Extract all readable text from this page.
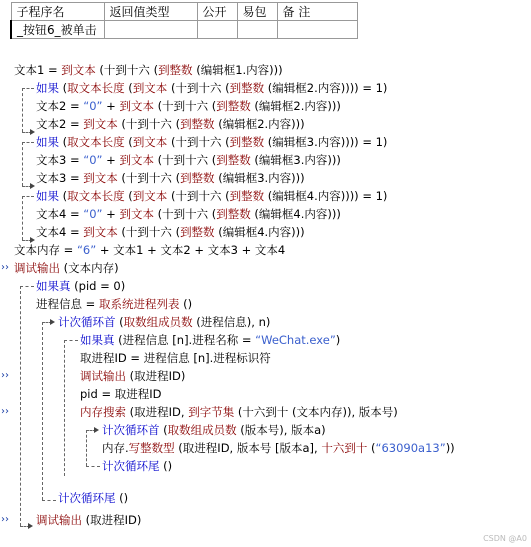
子程序名	返回值类型	公开	易包	备 注
_按钮6_被单击				
文本1 = 到文本 (十到十六 (到整数 (编辑框1.内容)))
如果 (取文本长度 (到文本 (十到十六 (到整数 (编辑框2.内容)))) = 1)
文本2 = “0” + 到文本 (十到十六 (到整数 (编辑框2.内容)))
文本2 = 到文本 (十到十六 (到整数 (编辑框2.内容)))
如果 (取文本长度 (到文本 (十到十六 (到整数 (编辑框3.内容)))) = 1)
文本3 = “0” + 到文本 (十到十六 (到整数 (编辑框3.内容)))
文本3 = 到文本 (十到十六 (到整数 (编辑框3.内容)))
如果 (取文本长度 (到文本 (十到十六 (到整数 (编辑框4.内容)))) = 1)
文本4 = “0” + 到文本 (十到十六 (到整数 (编辑框4.内容)))
文本4 = 到文本 (十到十六 (到整数 (编辑框4.内容)))
文本内存 = “6” + 文本1 + 文本2 + 文本3 + 文本4
调试输出 (文本内存)
如果真 (pid = 0)
进程信息 = 取系统进程列表 ()
计次循环首 (取数组成员数 (进程信息), n)
如果真 (进程信息 [n].进程名称 = “WeChat.exe”)
取进程ID = 进程信息 [n].进程标识符
调试输出 (取进程ID)
pid = 取进程ID
内存搜索 (取进程ID, 到字节集 (十六到十 (文本内存)), 版本号)
计次循环首 (取数组成员数 (版本号), 版本a)
内存.写整数型 (取进程ID, 版本号 [版本a], 十六到十 (“63090a13”))
计次循环尾 ()
计次循环尾 ()
调试输出 (取进程ID)
››
››
››
››
CSDN @A0
